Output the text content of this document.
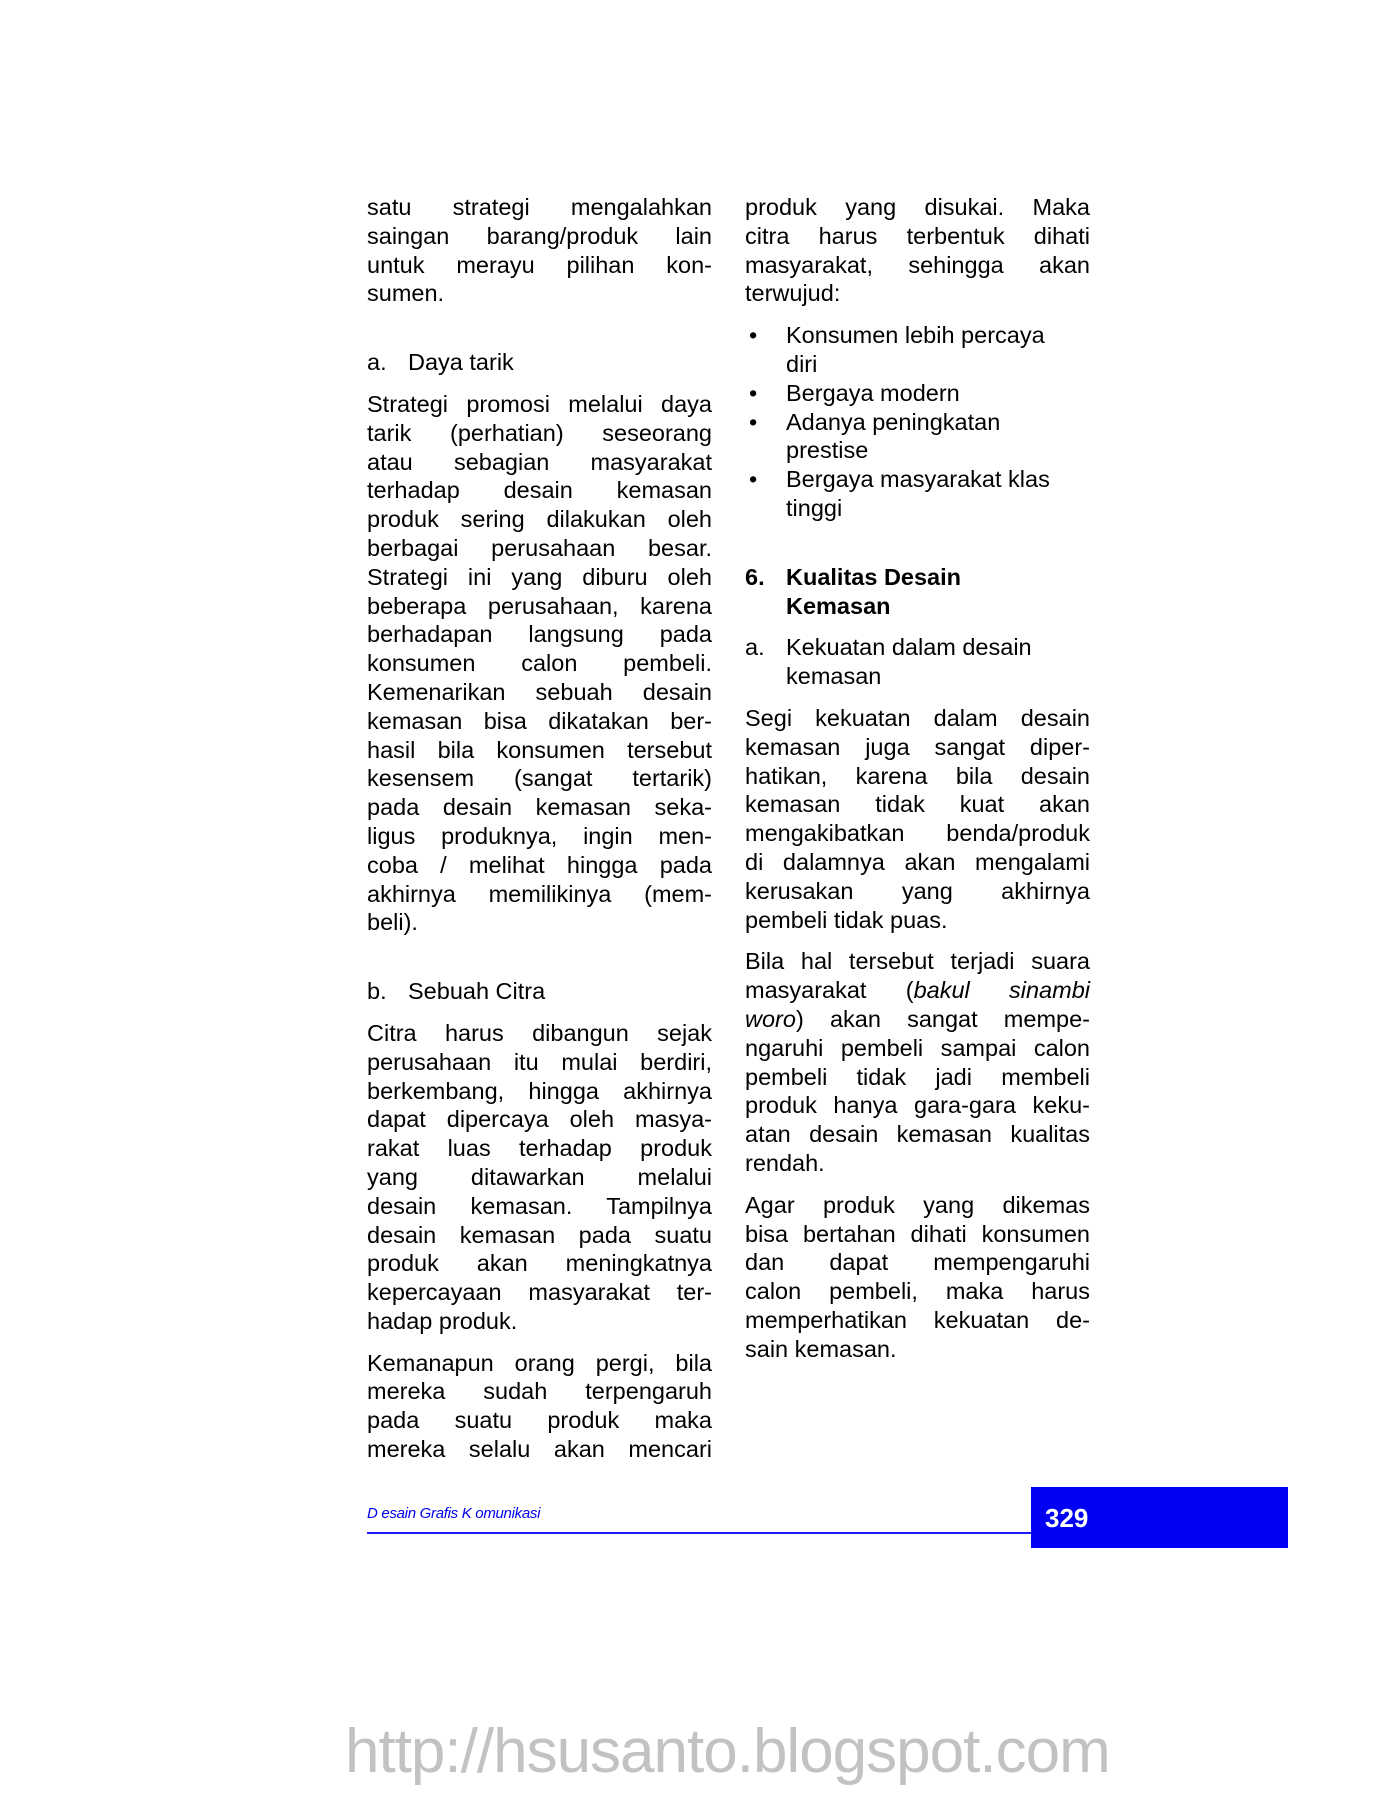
satu strategi mengalahkan
saingan barang/produk lain
untuk merayu pilihan kon-
sumen.
a. Daya tarik
Strategi promosi melalui daya
tarik (perhatian) seseorang
atau sebagian masyarakat
terhadap desain kemasan
produk sering dilakukan oleh
berbagai perusahaan besar.
Strategi ini yang diburu oleh
beberapa perusahaan, karena
berhadapan langsung pada
konsumen calon pembeli.
Kemenarikan sebuah desain
kemasan bisa dikatakan ber-
hasil bila konsumen tersebut
kesensem (sangat tertarik)
pada desain kemasan seka-
ligus produknya, ingin men-
coba / melihat hingga pada
akhirnya memilikinya (mem-
beli).
b. Sebuah Citra
Citra harus dibangun sejak
perusahaan itu mulai berdiri,
berkembang, hingga akhirnya
dapat dipercaya oleh masya-
rakat luas terhadap produk
yang ditawarkan melalui
desain kemasan. Tampilnya
desain kemasan pada suatu
produk akan meningkatnya
kepercayaan masyarakat ter-
hadap produk.
Kemanapun orang pergi, bila
mereka sudah terpengaruh
pada suatu produk maka
mereka selalu akan mencari
produk yang disukai. Maka
citra harus terbentuk dihati
masyarakat, sehingga akan
terwujud:
•	Konsumen lebih percaya
diri
•	Bergaya modern
•	Adanya peningkatan
prestise
•	Bergaya masyarakat klas
tinggi
6. Kualitas Desain
Kemasan
a. Kekuatan dalam desain
kemasan
Segi kekuatan dalam desain
kemasan juga sangat diper-
hatikan, karena bila desain
kemasan tidak kuat akan
mengakibatkan benda/produk
di dalamnya akan mengalami
kerusakan yang akhirnya
pembeli tidak puas.
Bila hal tersebut terjadi suara
masyarakat (bakul sinambi
woro) akan sangat mempe-
ngaruhi pembeli sampai calon
pembeli tidak jadi membeli
produk hanya gara-gara keku-
atan desain kemasan kualitas
rendah.
Agar produk yang dikemas
bisa bertahan dihati konsumen
dan dapat mempengaruhi
calon pembeli, maka harus
memperhatikan kekuatan de-
sain kemasan.
D esain Grafis K omunikasi	329
http://hsusanto.blogspot.com
